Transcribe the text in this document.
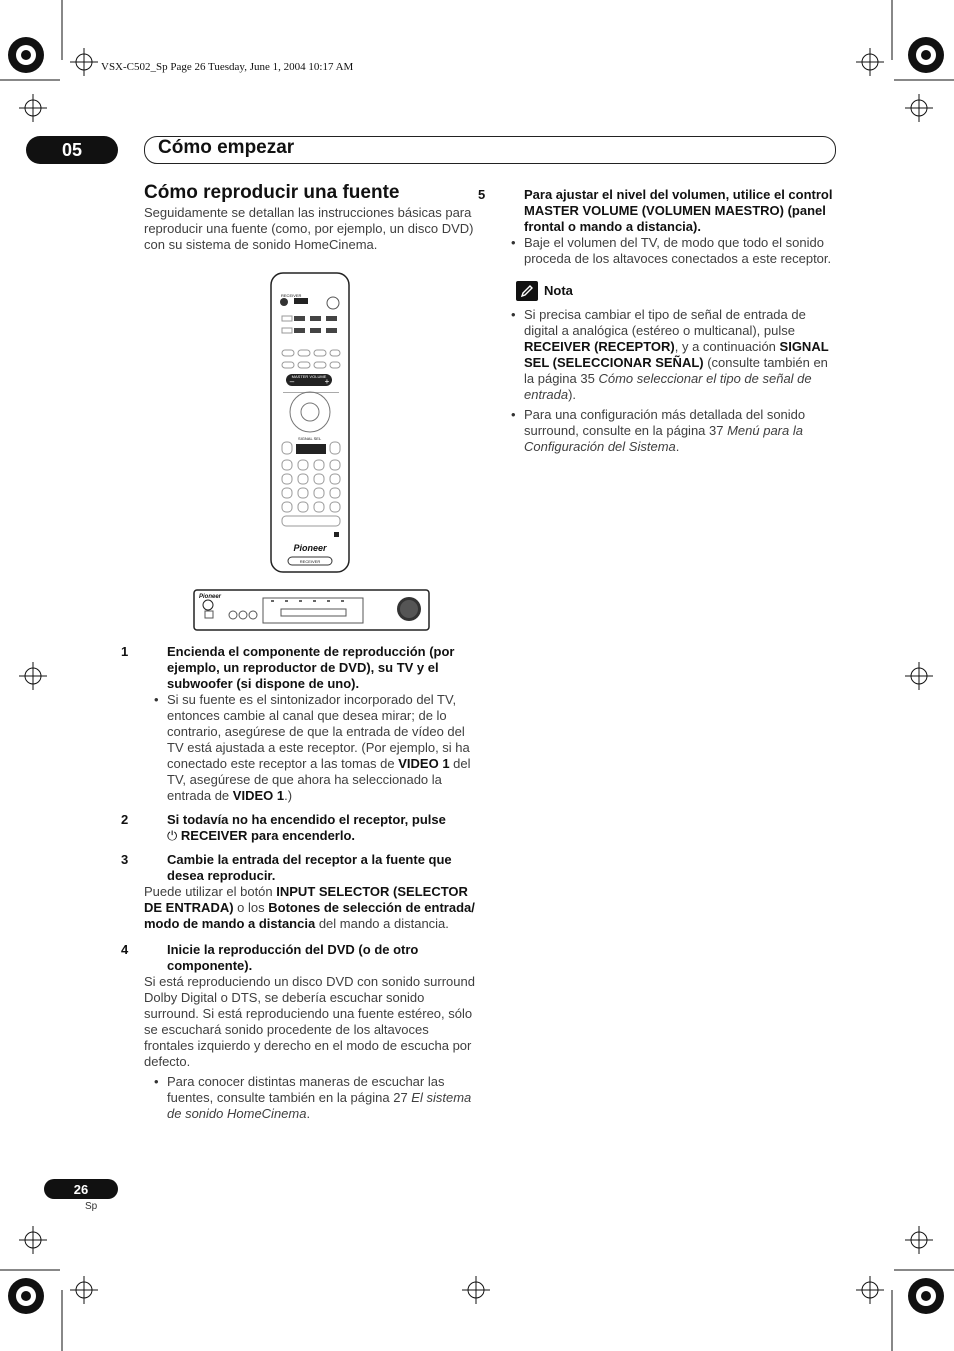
VSX-C502_Sp Page 26 Tuesday, June 1, 2004 10:17 AM
05	Cómo empezar
Cómo reproducir una fuente

Seguidamente se detallan las instrucciones básicas para reproducir una fuente (como, por ejemplo, un disco DVD) con su sistema de sonido HomeCinema.

RECEIVER
MASTER VOLUME
–	+
SIGNAL SEL
Pioneer
RECEIVER
Pioneer

1	Encienda el componente de reproducción (por ejemplo, un reproductor de DVD), su TV y el subwoofer (si dispone de uno).

• Si su fuente es el sintonizador incorporado del TV, entonces cambie al canal que desea mirar; de lo contrario, asegúrese de que la entrada de vídeo del TV está ajustada a este receptor. (Por ejemplo, si ha conectado este receptor a las tomas de VIDEO 1 del TV, asegúrese de que ahora ha seleccionado la entrada de VIDEO 1.)

2	Si todavía no ha encendido el receptor, pulse
⏻ RECEIVER para encenderlo.

3	Cambie la entrada del receptor a la fuente que desea reproducir.

Puede utilizar el botón INPUT SELECTOR (SELECTOR DE ENTRADA) o los Botones de selección de entrada/ modo de mando a distancia del mando a distancia.

4	Inicie la reproducción del DVD (o de otro componente).

Si está reproduciendo un disco DVD con sonido surround Dolby Digital o DTS, se debería escuchar sonido surround. Si está reproduciendo una fuente estéreo, sólo se escuchará sonido procedente de los altavoces frontales izquierdo y derecho en el modo de escucha por defecto.

• Para conocer distintas maneras de escuchar las fuentes, consulte también en la página 27 El sistema de sonido HomeCinema.

5	Para ajustar el nivel del volumen, utilice el control MASTER VOLUME (VOLUMEN MAESTRO) (panel frontal o mando a distancia).

• Baje el volumen del TV, de modo que todo el sonido proceda de los altavoces conectados a este receptor.

Nota

• Si precisa cambiar el tipo de señal de entrada de digital a analógica (estéreo o multicanal), pulse RECEIVER (RECEPTOR), y a continuación SIGNAL SEL (SELECCIONAR SEÑAL) (consulte también en la página 35 Cómo seleccionar el tipo de señal de entrada).

• Para una configuración más detallada del sonido surround, consulte en la página 37 Menú para la Configuración del Sistema.

26
Sp
